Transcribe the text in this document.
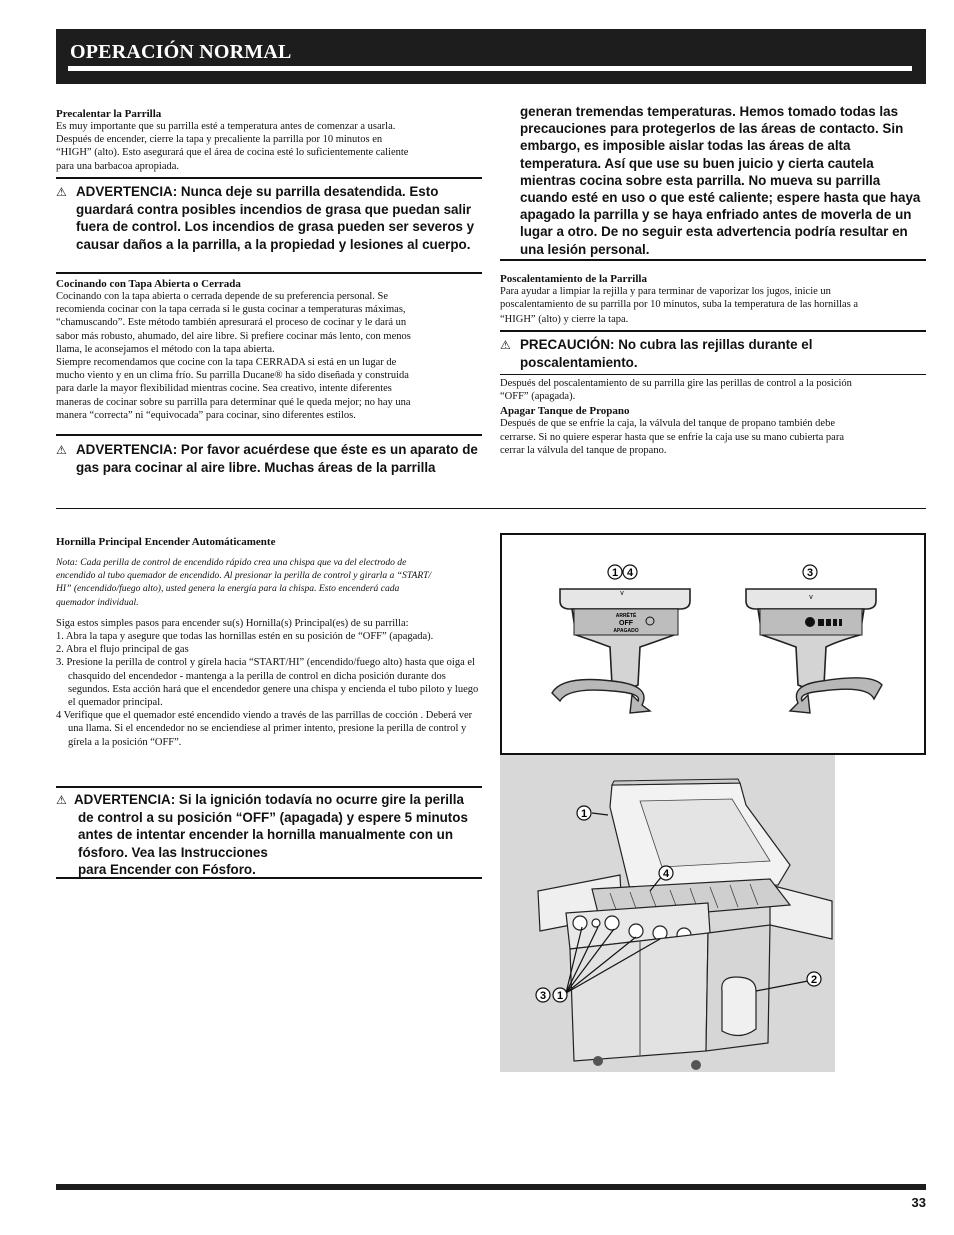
OPERACIÓN NORMAL

Precalentar la Parrilla

Es muy importante que su parrilla esté a temperatura antes de comenzar a usarla.

Después de encender, cierre la tapa y precaliente la parrilla por 10 minutos en

“HIGH” (alto). Esto asegurará que el área de cocina esté lo suficientemente caliente

para una barbacoa apropiada.

⚠ ADVERTENCIA: Nunca deje su parrilla desatendida. Esto guardará contra posibles incendios de grasa que puedan salir fuera de control. Los incendios de grasa pueden ser severos y causar daños a la parrilla, a la propiedad y lesiones al cuerpo.

Cocinando con Tapa Abierta o Cerrada

Cocinando con la tapa abierta o cerrada depende de su preferencia personal. Se

recomienda cocinar con la tapa cerrada si le gusta cocinar a temperaturas máximas,

“chamuscando”. Este método también apresurará el proceso de cocinar y le dará un

sabor más robusto, ahumado, del aire libre. Si prefiere cocinar más lento, con menos

llama, le aconsejamos el método con la tapa abierta.

Siempre recomendamos que cocine con la tapa CERRADA si está en un lugar de

mucho viento y en un clima frío. Su parrilla Ducane® ha sido diseñada y construida

para darle la mayor flexibilidad mientras cocine. Sea creativo, intente diferentes

maneras de cocinar sobre su parrilla para determinar qué le queda mejor; no hay una

manera “correcta” ni “equivocada” para cocinar, sino diferentes estilos.

⚠ ADVERTENCIA: Por favor acuérdese que éste es un aparato de gas para cocinar al aire libre. Muchas áreas de la parrilla
generan tremendas temperaturas. Hemos tomado todas las precauciones para protegerlos de las áreas de contacto. Sin embargo, es imposible aislar todas las áreas de alta temperatura. Así que use su buen juicio y cierta cautela mientras cocina sobre esta parrilla. No mueva su parrilla cuando esté en uso o que esté caliente; espere hasta que haya apagado la parrilla y se haya enfriado antes de moverla de un lugar a otro. De no seguir esta advertencia podría resultar en una lesión personal.

Poscalentamiento de la Parrilla

Para ayudar a limpiar la rejilla y para terminar de vaporizar los jugos, inicie un

poscalentamiento de su parrilla por 10 minutos, suba la temperatura de las hornillas a

“HIGH” (alto) y cierre la tapa.

⚠ PRECAUCIÓN: No cubra las rejillas durante el poscalentamiento.

Después del poscalentamiento de su parrilla gire las perillas de control a la posición

“OFF” (apagada).

Apagar Tanque de Propano

Después de que se enfríe la caja, la válvula del tanque de propano también debe

cerrarse. Si no quiere esperar hasta que se enfríe la caja use su mano cubierta para

cerrar la válvula del tanque de propano.

Hornilla Principal Encender Automáticamente

Nota: Cada perilla de control de encendido rápido crea una chispa que va del electrodo de
encendido al tubo quemador de encendido. Al presionar la perilla de control y girarla a “START/
HI” (encendido/fuego alto), usted genera la energía para la chispa. Esto encenderá cada
quemador individual.

Siga estos simples pasos para encender su(s) Hornilla(s) Principal(es) de su parrilla:

1. Abra la tapa y asegure que todas las hornillas estén en su posición de “OFF” (apagada).

2. Abra el flujo principal de gas

3. Presione la perilla de control y gírela hacia “START/HI” (encendido/fuego alto) hasta que oiga el chasquido del encendedor - mantenga a la perilla de control en dicha posición durante dos segundos. Esta acción hará que el encendedor genere una chispa y encienda el tubo piloto y luego el quemador principal.

4 Verifique que el quemador esté encendido viendo a través de las parrillas de cocción . Deberá ver una llama. Si el encendedor no se enciendiese al primer intento, presione la perilla de control y gírela a la posición “OFF”.

⚠ ADVERTENCIA: Si la ignición todavía no ocurre gire la perilla
de control a su posición “OFF” (apagada) y espere 5 minutos antes de intentar encender la hornilla manualmente con un fósforo. Vea las Instrucciones
para Encender con Fósforo.
v
ARRÊTÉ
OFF
APAGADO
v
1 4	3
1
4
2
3 1
33
